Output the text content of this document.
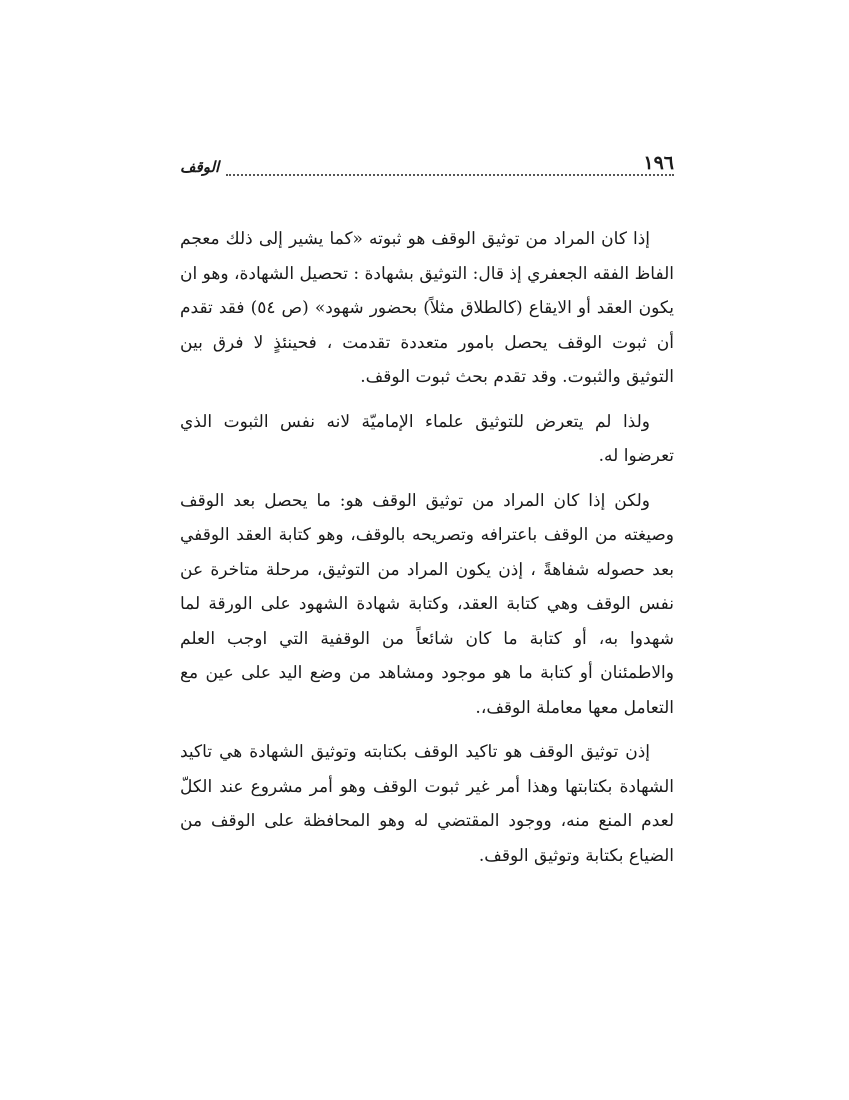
١٩٦
الوقف

إذا كان المراد من توثيق الوقف هو ثبوته «كما يشير إلى ذلك معجم الفاظ الفقه الجعفري إذ قال: التوثيق بشهادة : تحصيل الشهادة، وهو ان يكون العقد أو الايقاع (كالطلاق مثلاً) بحضور شهود» (ص ٥٤) فقد تقدم أن ثبوت الوقف يحصل بامور متعددة تقدمت ، فحينئذٍ لا فرق بين التوثيق والثبوت. وقد تقدم بحث ثبوت الوقف.

ولذا لم يتعرض للتوثيق علماء الإماميّة لانه نفس الثبوت الذي تعرضوا له.

ولكن إذا كان المراد من توثيق الوقف هو: ما يحصل بعد الوقف وصيغته من الوقف باعترافه وتصريحه بالوقف، وهو كتابة العقد الوقفي بعد حصوله شفاهةً ، إذن يكون المراد من التوثيق، مرحلة متاخرة عن نفس الوقف وهي كتابة العقد، وكتابة شهادة الشهود على الورقة لما شهدوا به، أو كتابة ما كان شائعاً من الوقفية التي اوجب العلم والاطمئنان أو كتابة ما هو موجود ومشاهد من وضع اليد على عين مع التعامل معها معاملة الوقف،.

إذن توثيق الوقف هو تاكيد الوقف بكتابته وتوثيق الشهادة هي تاكيد الشهادة بكتابتها وهذا أمر غير ثبوت الوقف وهو أمر مشروع عند الكلّ لعدم المنع منه، ووجود المقتضي له وهو المحافظة على الوقف من الضياع بكتابة وتوثيق الوقف.
